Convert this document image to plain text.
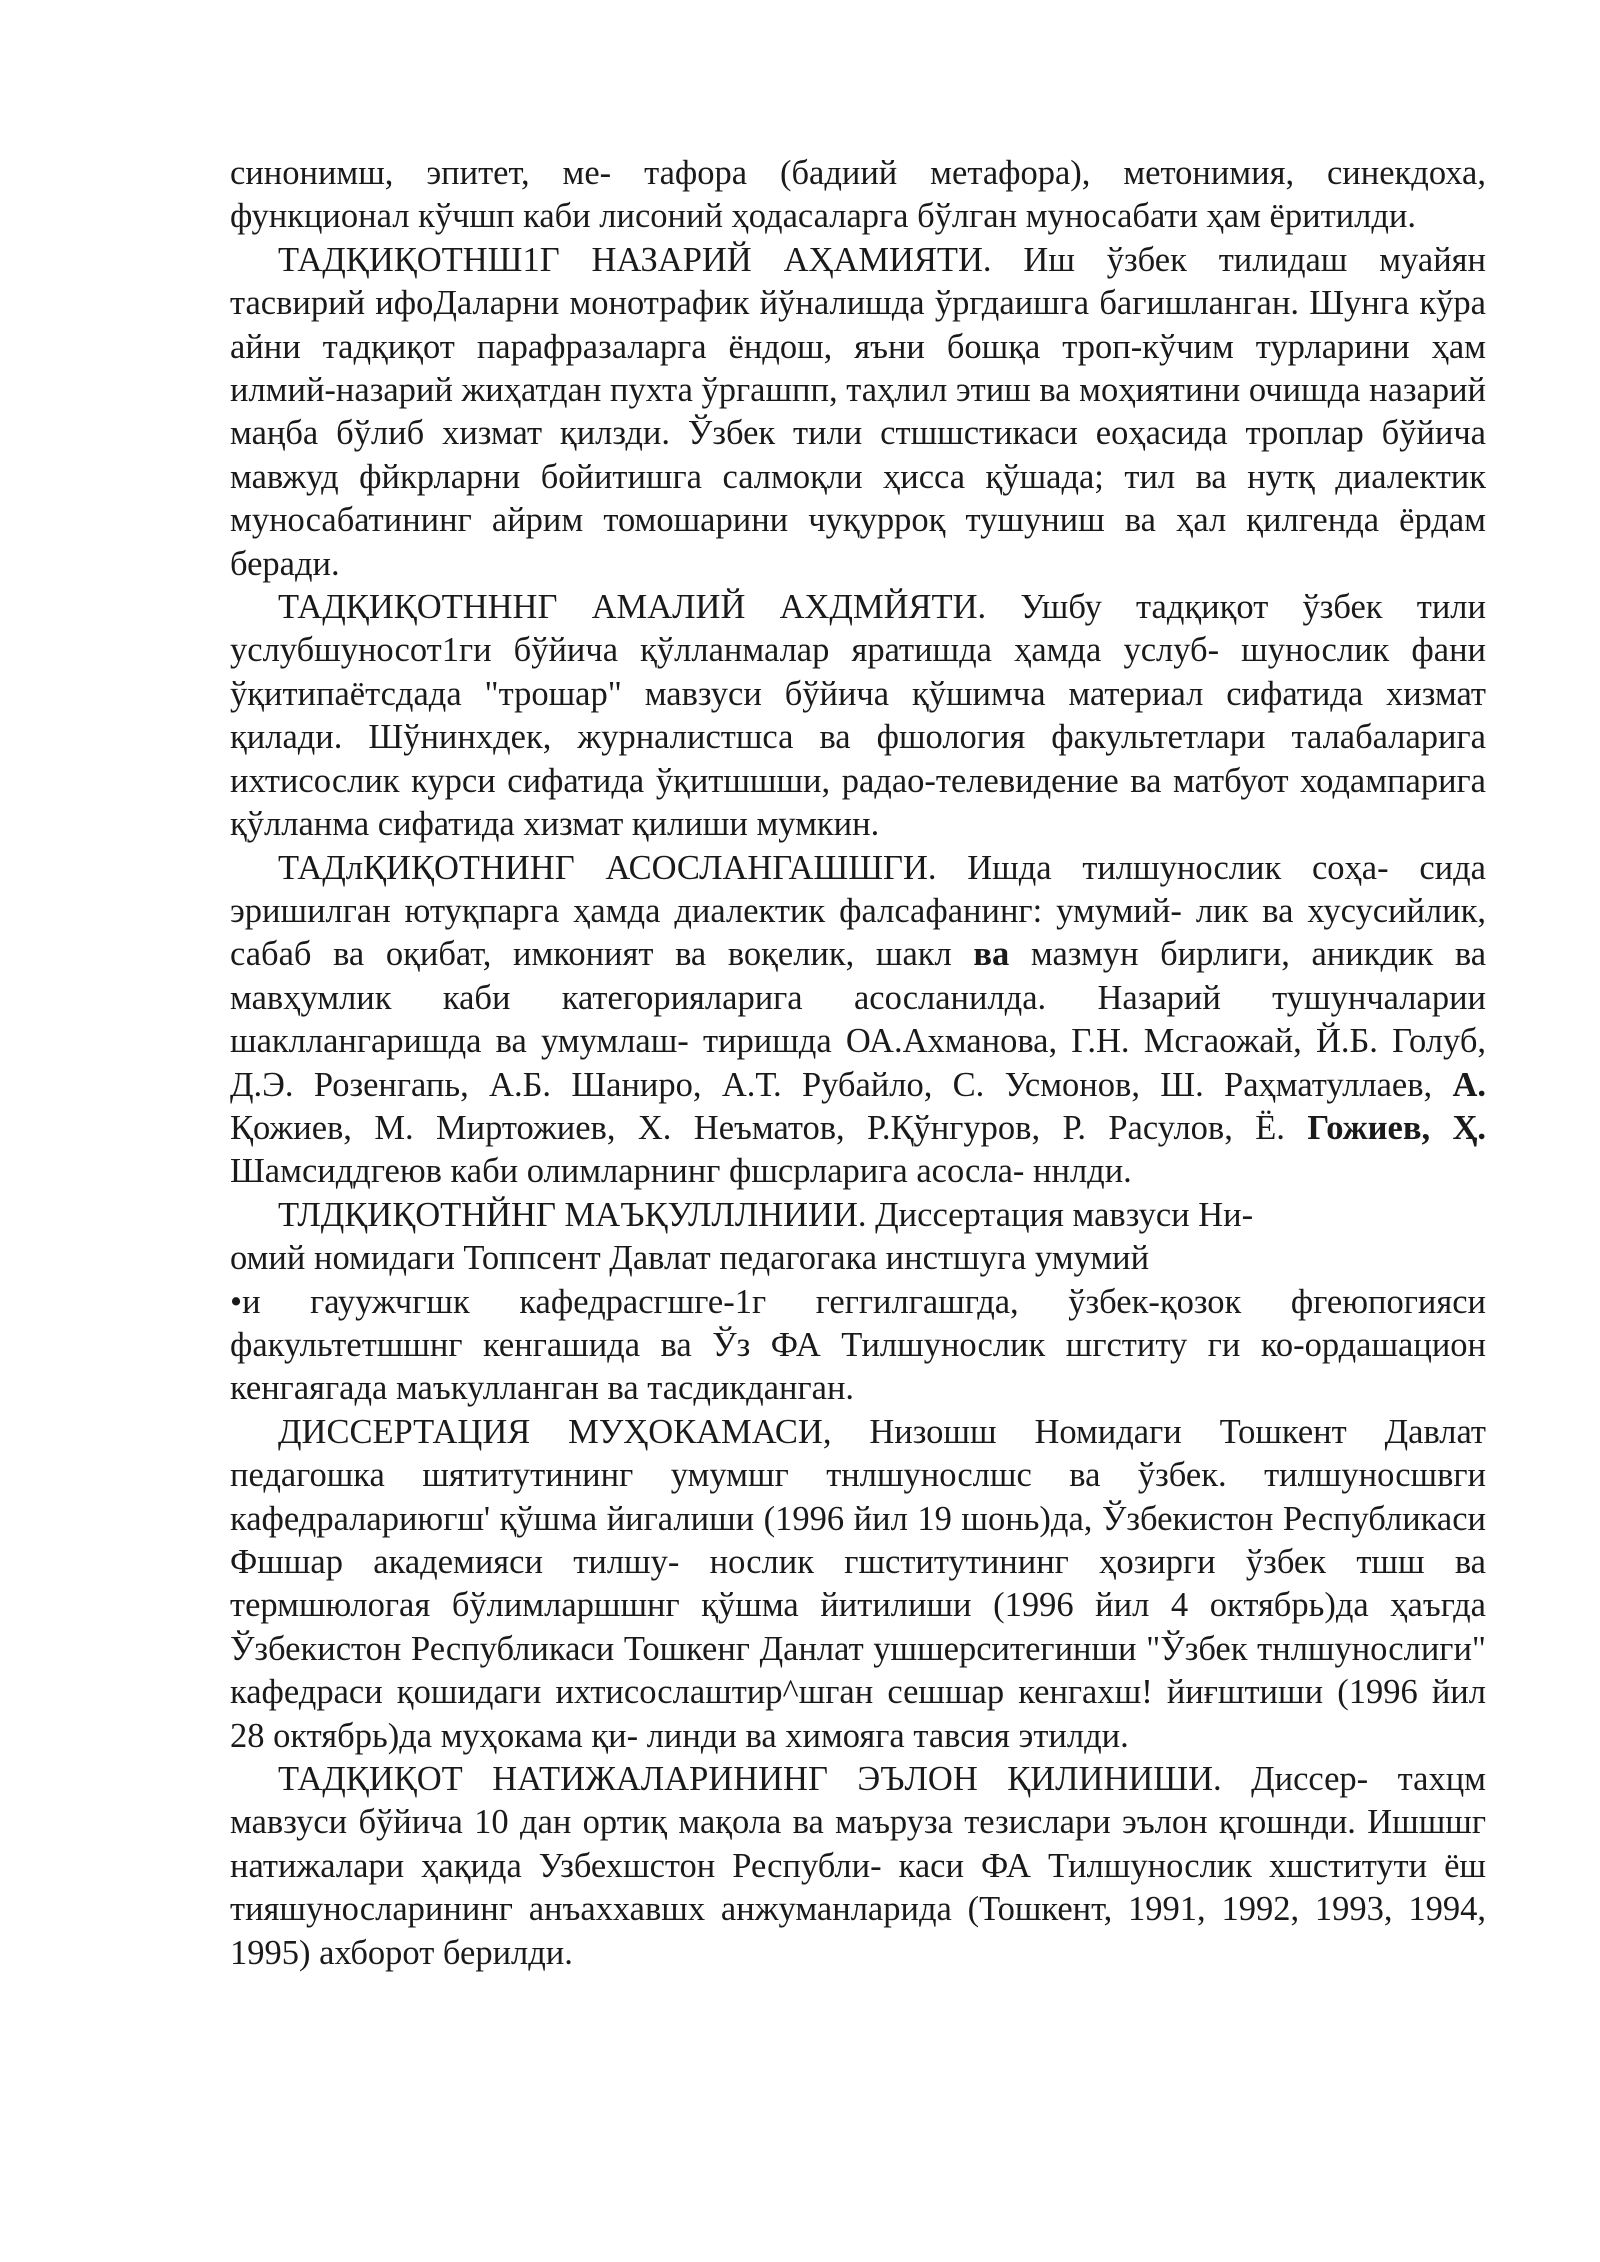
синонимш, эпитет, ме- тафора (бадиий метафора), метонимия, синекдоха, функционал кўчшп каби лисоний ҳодасаларга бўлган муносабати ҳам ёритилди.

ТАДҚИҚОТНШ1Г НАЗАРИЙ АҲАМИЯТИ. Иш ўзбек тилидаш муайян тасвирий ифоДаларни монотрафик йўналишда ўргдаишга багишланган. Шунга кўра айни тадқиқот парафразаларга ёндош, яъни бошқа троп-кўчим турларини ҳам илмий-назарий жиҳатдан пухта ўргашпп, таҳлил этиш ва моҳиятини очишда назарий маңба бўлиб хизмат қилзди. Ўзбек тили стшшстикаси еоҳасида троплар бўйича мавжуд фйкрларни бойитишга салмоқли ҳисса қўшада; тил ва нутқ диалектик муносабатининг айрим томошарини чуқурроқ тушуниш ва ҳал қилгенда ёрдам беради.

ТАДҚИҚОТНННГ АМАЛИЙ АХДМЙЯТИ. Ушбу тадқиқот ўзбек тили услубшуносот1ги бўйича қўлланмалар яратишда ҳамда услуб- шунослик фани ўқитипаётсдада "трошар" мавзуси бўйича қўшимча материал сифатида хизмат қилади. Шўнинхдек, журналистшса ва фшология факультетлари талабаларига ихтисослик курси сифатида ўқитшшши, радао-телевидение ва матбуот ходампарига қўлланма сифатида хизмат қилиши мумкин.

ТАДлҚИҚОТНИНГ АСОСЛАНГАШШГИ. Ишда тилшунослик соҳа- сида эришилган ютуқпарга ҳамда диалектик фалсафанинг: умумий- лик ва хусусийлик, сабаб ва оқибат, имконият ва воқелик, шакл ва мазмун бирлиги, аникдик ва мавҳумлик каби категорияларига асосланилда. Назарий тушунчаларии шакллангаришда ва умумлаш- тиришда ОА.Ахманова, Г.Н. Мсгаожай, Й.Б. Голуб, Д.Э. Розенгапь, А.Б. Шаниро, А.Т. Рубайло, С. Усмонов, Ш. Раҳматуллаев, А. Қожиев, М. Миртожиев, Х. Неъматов, Р.Қўнгуров, Р. Расулов, Ё. Гожиев, Ҳ. Шамсиддгеюв каби олимларнинг фшсрларига асосла- ннлди.

ТЛДҚИҚОТНЙНГ МАЪҚУЛЛЛНИИИ. Диссертация мавзуси Ни-

омий номидаги Топпсент Давлат педагогака инстшуга умумий

•и гауужчгшк кафедрасгшге-1г геггилгашгда, ўзбек-қозок фгеюпогияси факультетшшнг кенгашида ва Ўз ФА Тилшунослик шгститу ги ко-ордашацион кенгаягада маъкулланган ва тасдикданган.

ДИССЕРТАЦИЯ МУҲОКАМАСИ, Низошш Номидаги Тошкент Давлат педагошка шятитутининг умумшг тнлшунослшс ва ўзбек. тилшуносшвги кафедралариюгш' қўшма йигалиши (1996 йил 19 шонь)да, Ўзбекистон Республикаси Фшшар академияси тилшу- нослик гшститутининг ҳозирги ўзбек тшш ва термшюлогая бўлимларшшнг қўшма йитилиши (1996 йил 4 октябрь)да ҳаъгда Ўзбекистон Республикаси Тошкенг Данлат ушшерситегинши "Ўзбек тнлшунослиги" кафедраси қошидаги ихтисослаштир^шган сешшар кенгахш! йиғштиши (1996 йил 28 октябрь)да муҳокама қи- линди ва химояга тавсия этилди.

ТАДҚИҚОТ НАТИЖАЛАРИНИНГ ЭЪЛОН ҚИЛИНИШИ. Диссер- тахцм мавзуси бўйича 10 дан ортиқ мақола ва маъруза тезислари эълон қгошнди. Ишшшг натижалари ҳақида Узбехшстон Республи- каси ФА Тилшунослик хшститути ёш тияшуносларининг анъаххавшх анжуманларида (Тошкент, 1991, 1992, 1993, 1994, 1995) ахборот берилди.
